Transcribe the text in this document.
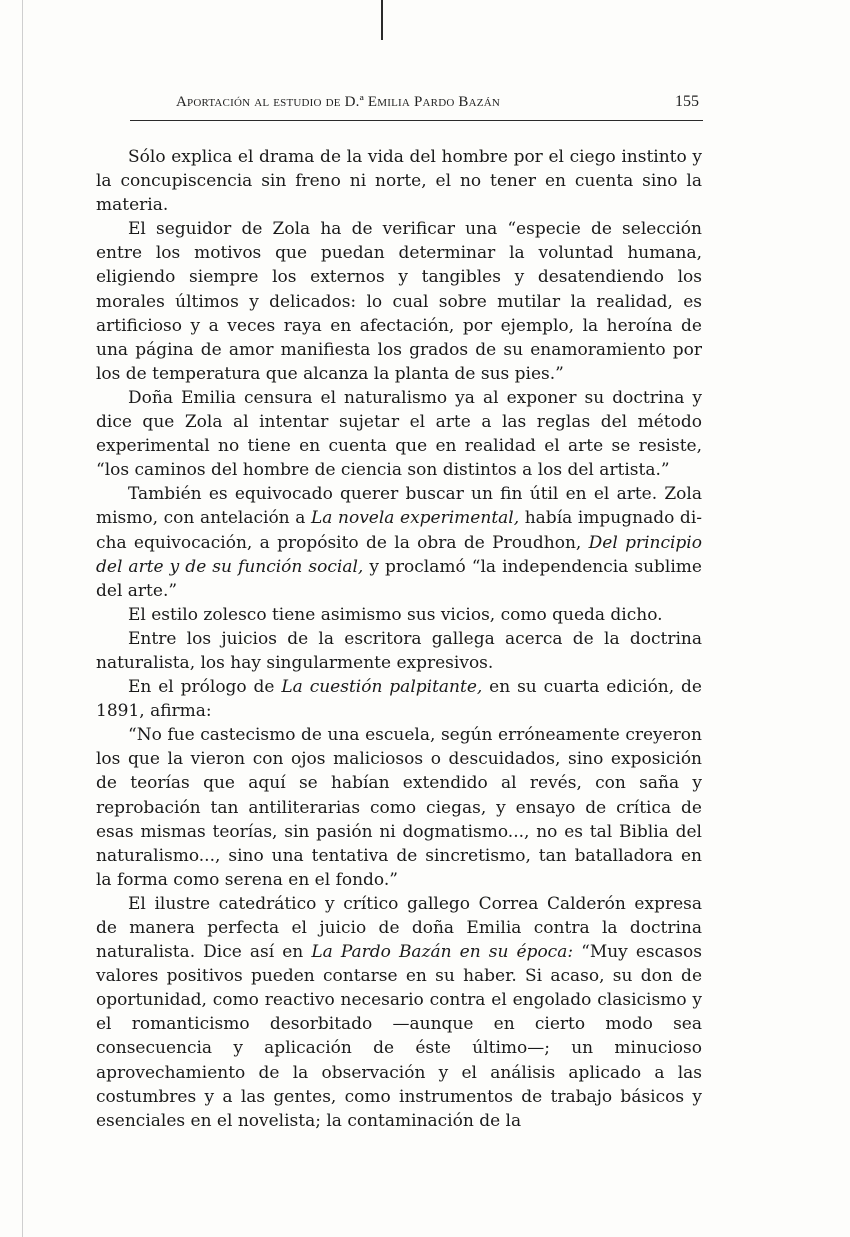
Aportación al estudio de D.ª Emilia Pardo Bazán	155

Sólo explica el drama de la vida del hombre por el ciego instinto y la concupiscencia sin freno ni norte, el no tener en cuenta sino la materia.

El seguidor de Zola ha de verificar una “especie de selección entre los motivos que puedan determinar la voluntad humana, eligiendo siempre los externos y tangibles y desatendiendo los morales últimos y delicados: lo cual sobre mutilar la realidad, es artificioso y a veces raya en afectación, por ejemplo, la heroína de una página de amor manifiesta los grados de su enamoramiento por los de temperatura que alcanza la planta de sus pies.”

Doña Emilia censura el naturalismo ya al exponer su doctrina y dice que Zola al intentar sujetar el arte a las reglas del método experimental no tiene en cuenta que en realidad el arte se resiste, “los caminos del hombre de ciencia son distintos a los del artista.”

También es equivocado querer buscar un fin útil en el arte. Zola mismo, con antelación a La novela experimental, había impugnado dicha equivocación, a propósito de la obra de Proudhon, Del principio del arte y de su función social, y proclamó “la independencia sublime del arte.”

El estilo zolesco tiene asimismo sus vicios, como queda dicho.

Entre los juicios de la escritora gallega acerca de la doctrina naturalista, los hay singularmente expresivos.

En el prólogo de La cuestión palpitante, en su cuarta edición, de 1891, afirma:

“No fue castecismo de una escuela, según erróneamente creyeron los que la vieron con ojos maliciosos o descuidados, sino exposición de teorías que aquí se habían extendido al revés, con saña y reprobación tan antiliterarias como ciegas, y ensayo de crítica de esas mismas teorías, sin pasión ni dogmatismo..., no es tal Biblia del naturalismo..., sino una tentativa de sincretismo, tan batalladora en la forma como serena en el fondo.”

El ilustre catedrático y crítico gallego Correa Calderón expresa de manera perfecta el juicio de doña Emilia contra la doctrina naturalista. Dice así en La Pardo Bazán en su época: “Muy escasos valores positivos pueden contarse en su haber. Si acaso, su don de oportunidad, como reactivo necesario contra el engolado clasicismo y el romanticismo desorbitado —aunque en cierto modo sea consecuencia y aplicación de éste último—; un minucioso aprovechamiento de la observación y el análisis aplicado a las costumbres y a las gentes, como instrumentos de trabajo básicos y esenciales en el novelista; la contaminación de la
